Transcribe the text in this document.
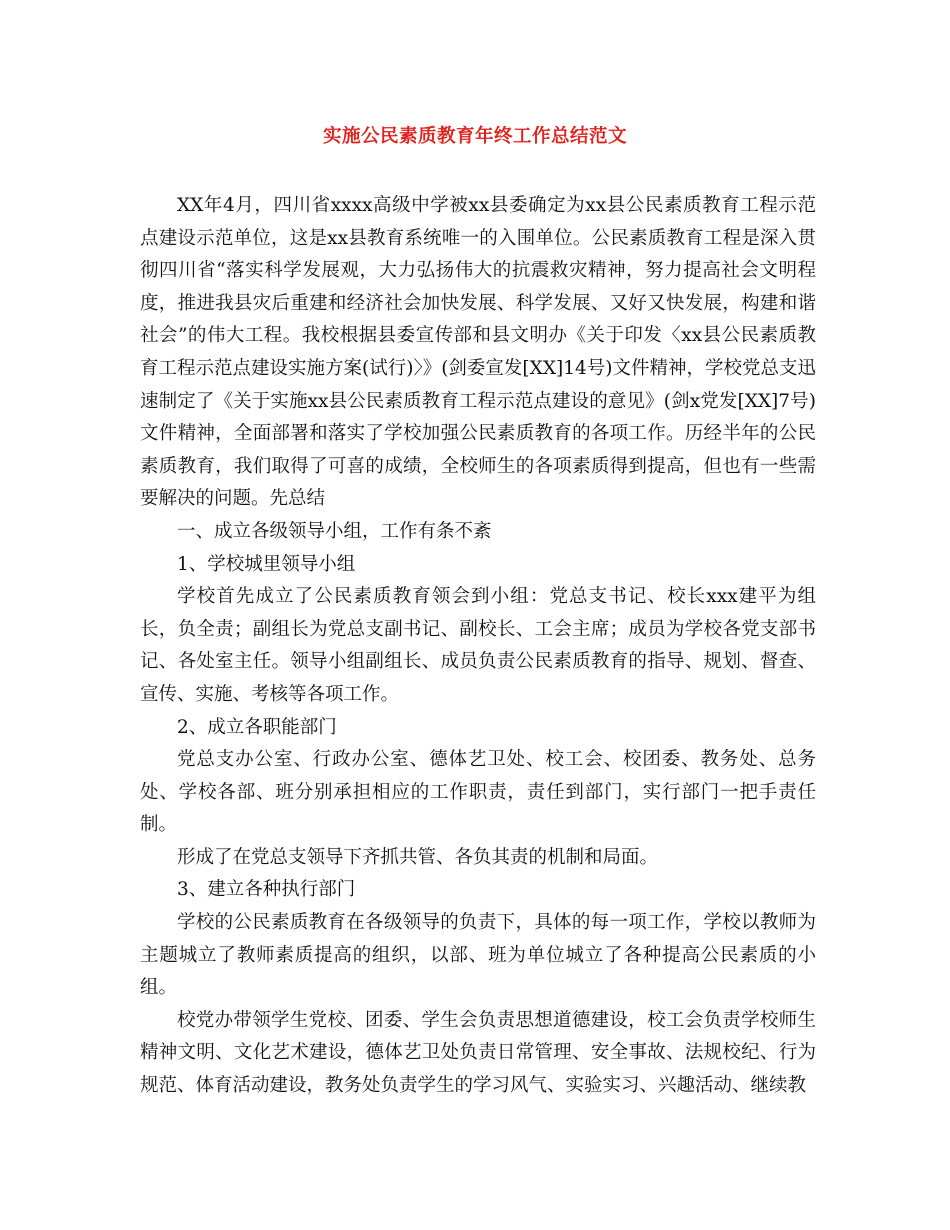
实施公民素质教育年终工作总结范文

XX年4月，四川省xxxx高级中学被xx县委确定为xx县公民素质教育工程示范点建设示范单位，这是xx县教育系统唯一的入围单位。公民素质教育工程是深入贯彻四川省“落实科学发展观，大力弘扬伟大的抗震救灾精神，努力提高社会文明程度，推进我县灾后重建和经济社会加快发展、科学发展、又好又快发展，构建和谐社会”的伟大工程。我校根据县委宣传部和县文明办《关于印发〈xx县公民素质教育工程示范点建设实施方案(试行)〉》(剑委宣发[XX]14号)文件精神，学校党总支迅速制定了《关于实施xx县公民素质教育工程示范点建设的意见》(剑x党发[XX]7号)文件精神，全面部署和落实了学校加强公民素质教育的各项工作。历经半年的公民素质教育，我们取得了可喜的成绩，全校师生的各项素质得到提高，但也有一些需要解决的问题。先总结

一、成立各级领导小组，工作有条不紊

1、学校城里领导小组

学校首先成立了公民素质教育领会到小组：党总支书记、校长xxx建平为组长，负全责；副组长为党总支副书记、副校长、工会主席；成员为学校各党支部书记、各处室主任。领导小组副组长、成员负责公民素质教育的指导、规划、督查、宣传、实施、考核等各项工作。

2、成立各职能部门

党总支办公室、行政办公室、德体艺卫处、校工会、校团委、教务处、总务处、学校各部、班分别承担相应的工作职责，责任到部门，实行部门一把手责任制。

形成了在党总支领导下齐抓共管、各负其责的机制和局面。

3、建立各种执行部门

学校的公民素质教育在各级领导的负责下，具体的每一项工作，学校以教师为主题城立了教师素质提高的组织，以部、班为单位城立了各种提高公民素质的小组。

校党办带领学生党校、团委、学生会负责思想道德建设，校工会负责学校师生精神文明、文化艺术建设，德体艺卫处负责日常管理、安全事故、法规校纪、行为规范、体育活动建设，教务处负责学生的学习风气、实验实习、兴趣活动、继续教
